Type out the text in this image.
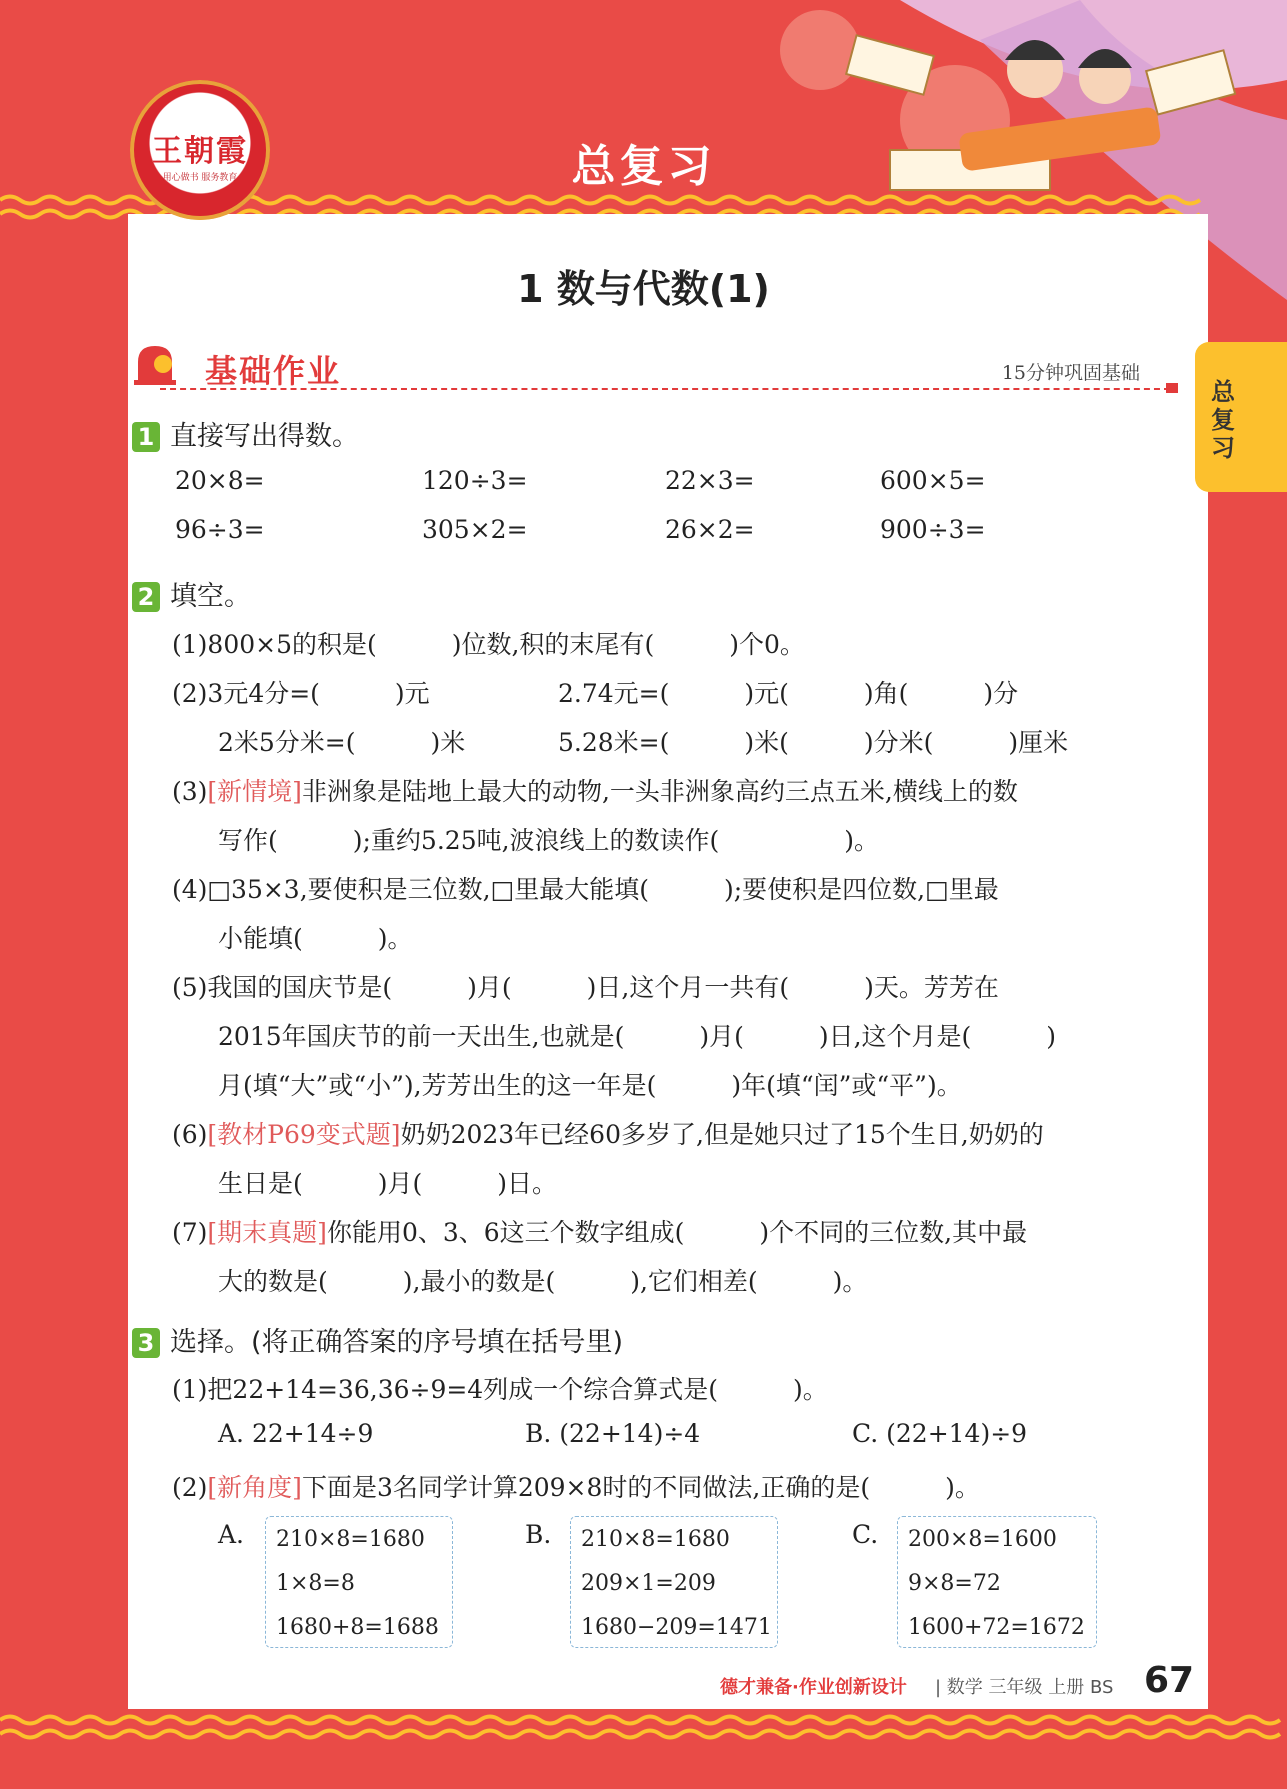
王朝霞
用心做书 服务教育	总复习
1 数与代数(1)
总复习
基础作业	15分钟巩固基础
1 直接写出得数。
20×8=	120÷3=	22×3=	600×5=
96÷3=	305×2=	26×2=	900÷3=
2 填空。
(1)800×5的积是(　　　)位数,积的末尾有(　　　)个0。
(2)3元4分=(　　　)元	2.74元=(　　　)元(　　　)角(　　　)分
2米5分米=(　　　)米	5.28米=(　　　)米(　　　)分米(　　　)厘米
(3)[新情境]非洲象是陆地上最大的动物,一头非洲象高约三点五米,横线上的数
写作(　　　);重约5.25吨,波浪线上的数读作(　　　　　)。
(4)□35×3,要使积是三位数,□里最大能填(　　　);要使积是四位数,□里最
小能填(　　　)。
(5)我国的国庆节是(　　　)月(　　　)日,这个月一共有(　　　)天。芳芳在
2015年国庆节的前一天出生,也就是(　　　)月(　　　)日,这个月是(　　　)
月(填“大”或“小”),芳芳出生的这一年是(　　　)年(填“闰”或“平”)。
(6)[教材P69变式题]奶奶2023年已经60多岁了,但是她只过了15个生日,奶奶的
生日是(　　　)月(　　　)日。
(7)[期末真题]你能用0、3、6这三个数字组成(　　　)个不同的三位数,其中最
大的数是(　　　),最小的数是(　　　),它们相差(　　　)。
3 选择。(将正确答案的序号填在括号里)
(1)把22+14=36,36÷9=4列成一个综合算式是(　　　)。
A. 22+14÷9	B. (22+14)÷4	C. (22+14)÷9
(2)[新角度]下面是3名同学计算209×8时的不同做法,正确的是(　　　)。
A. 210×8=1680
1×8=8
1680+8=1688
B. 210×8=1680
209×1=209
1680−209=1471
C. 200×8=1600
9×8=72
1600+72=1672
德才兼备·作业创新设计 | 数学 三年级 上册 BS 67
